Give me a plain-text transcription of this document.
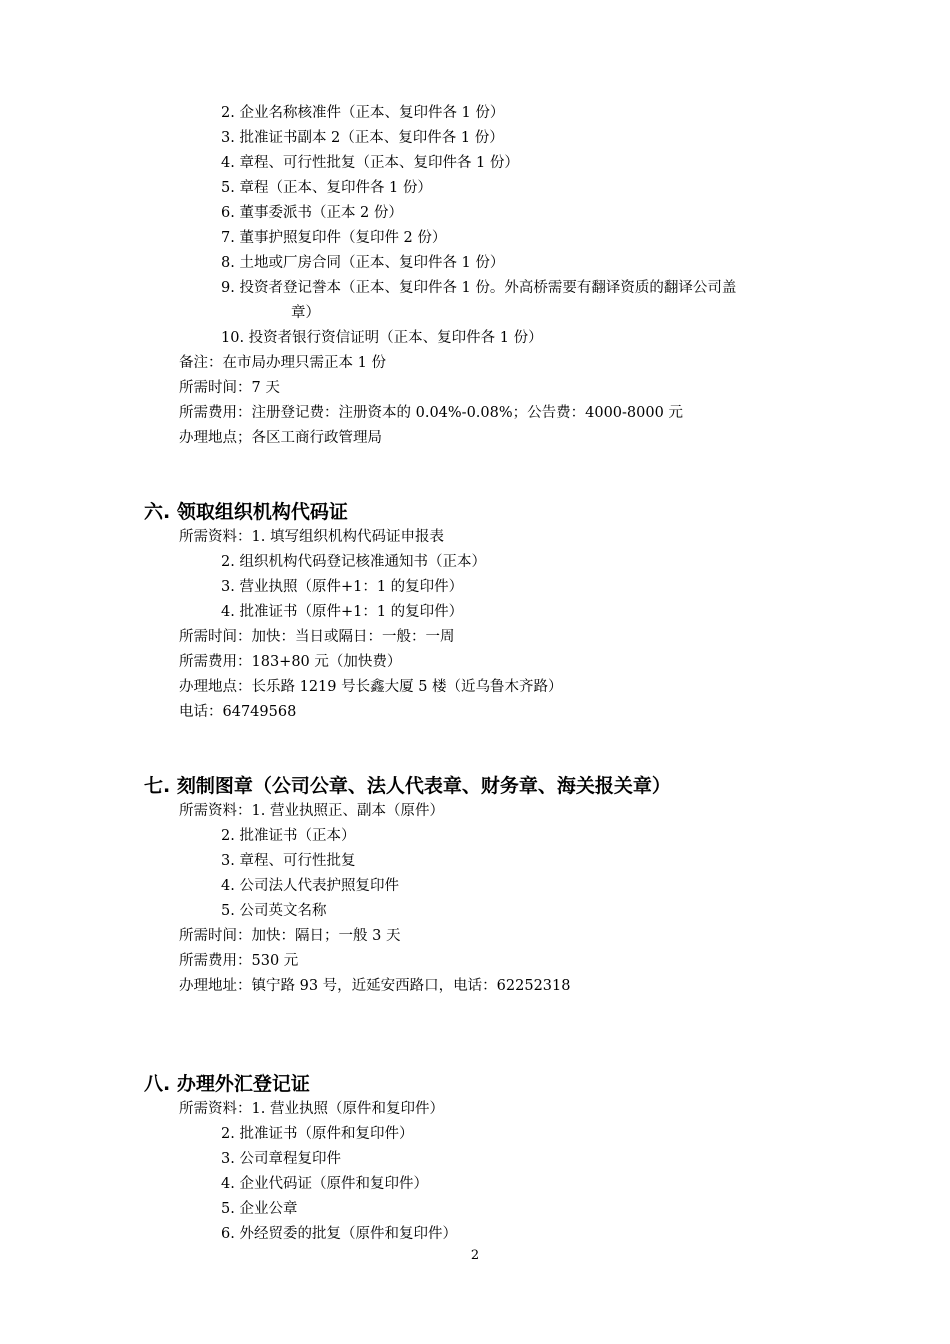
2. 企业名称核准件（正本、复印件各 1 份）
3. 批准证书副本 2（正本、复印件各 1 份）
4. 章程、可行性批复（正本、复印件各 1 份）
5. 章程（正本、复印件各 1 份）
6. 董事委派书（正本 2 份）
7. 董事护照复印件（复印件 2 份）
8. 土地或厂房合同（正本、复印件各 1 份）
9. 投资者登记誊本（正本、复印件各 1 份。外高桥需要有翻译资质的翻译公司盖
章）
10. 投资者银行资信证明（正本、复印件各 1 份）
备注：在市局办理只需正本 1 份
所需时间：7 天
所需费用：注册登记费：注册资本的 0.04%-0.08%；公告费：4000-8000 元
办理地点；各区工商行政管理局
六. 领取组织机构代码证
所需资料：1. 填写组织机构代码证申报表
2. 组织机构代码登记核准通知书（正本）
3. 营业执照（原件+1：1 的复印件）
4. 批准证书（原件+1：1 的复印件）
所需时间：加快：当日或隔日：一般：一周
所需费用：183+80 元（加快费）
办理地点：长乐路 1219 号长鑫大厦 5 楼（近乌鲁木齐路）
电话：64749568
七. 刻制图章（公司公章、法人代表章、财务章、海关报关章）
所需资料：1. 营业执照正、副本（原件）
2. 批准证书（正本）
3. 章程、可行性批复
4. 公司法人代表护照复印件
5. 公司英文名称
所需时间：加快：隔日；一般 3 天
所需费用：530 元
办理地址：镇宁路 93 号，近延安西路口，电话：62252318
八. 办理外汇登记证
所需资料：1. 营业执照（原件和复印件）
2. 批准证书（原件和复印件）
3. 公司章程复印件
4. 企业代码证（原件和复印件）
5. 企业公章
6. 外经贸委的批复（原件和复印件）
2
